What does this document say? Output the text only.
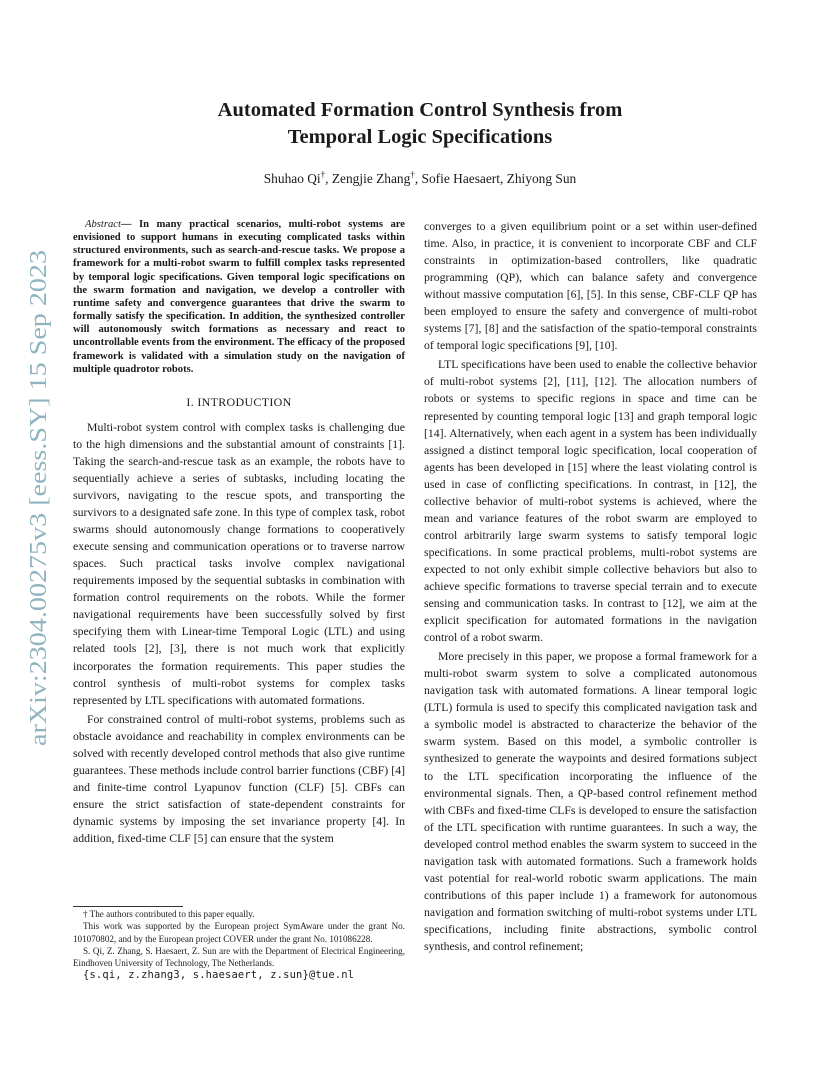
arXiv:2304.00275v3 [eess.SY] 15 Sep 2023
Automated Formation Control Synthesis from
Temporal Logic Specifications
Shuhao Qi†, Zengjie Zhang†, Sofie Haesaert, Zhiyong Sun

Abstract— In many practical scenarios, multi-robot systems are envisioned to support humans in executing complicated tasks within structured environments, such as search-and-rescue tasks. We propose a framework for a multi-robot swarm to fulfill complex tasks represented by temporal logic specifications. Given temporal logic specifications on the swarm formation and navigation, we develop a controller with runtime safety and convergence guarantees that drive the swarm to formally satisfy the specification. In addition, the synthesized controller will autonomously switch formations as necessary and react to uncontrollable events from the environment. The efficacy of the proposed framework is validated with a simulation study on the navigation of multiple quadrotor robots.

I. INTRODUCTION

Multi-robot system control with complex tasks is challenging due to the high dimensions and the substantial amount of constraints [1]. Taking the search-and-rescue task as an example, the robots have to sequentially achieve a series of subtasks, including locating the survivors, navigating to the rescue spots, and transporting the survivors to a designated safe zone. In this type of complex task, robot swarms should autonomously change formations to cooperatively execute sensing and communication operations or to traverse narrow spaces. Such practical tasks involve complex navigational requirements imposed by the sequential subtasks in combination with formation control requirements on the robots. While the former navigational requirements have been successfully solved by first specifying them with Linear-time Temporal Logic (LTL) and using related tools [2], [3], there is not much work that explicitly incorporates the formation requirements. This paper studies the control synthesis of multi-robot systems for complex tasks represented by LTL specifications with automated formations.

For constrained control of multi-robot systems, problems such as obstacle avoidance and reachability in complex environments can be solved with recently developed control methods that also give runtime guarantees. These methods include control barrier functions (CBF) [4] and finite-time control Lyapunov function (CLF) [5]. CBFs can ensure the strict satisfaction of state-dependent constraints for dynamic systems by imposing the set invariance property [4]. In addition, fixed-time CLF [5] can ensure that the system

† The authors contributed to this paper equally.

This work was supported by the European project SymAware under the grant No. 101070802, and by the European project COVER under the grant No. 101086228.

S. Qi, Z. Zhang, S. Haesaert, Z. Sun are with the Department of Electrical Engineering, Eindhoven University of Technology, The Netherlands.

{s.qi, z.zhang3, s.haesaert, z.sun}@tue.nl

converges to a given equilibrium point or a set within user-defined time. Also, in practice, it is convenient to incorporate CBF and CLF constraints in optimization-based controllers, like quadratic programming (QP), which can balance safety and convergence without massive computation [6], [5]. In this sense, CBF-CLF QP has been employed to ensure the safety and convergence of multi-robot systems [7], [8] and the satisfaction of the spatio-temporal constraints of temporal logic specifications [9], [10].

LTL specifications have been used to enable the collective behavior of multi-robot systems [2], [11], [12]. The allocation numbers of robots or systems to specific regions in space and time can be represented by counting temporal logic [13] and graph temporal logic [14]. Alternatively, when each agent in a system has been individually assigned a distinct temporal logic specification, local cooperation of agents has been developed in [15] where the least violating control is used in case of conflicting specifications. In contrast, in [12], the collective behavior of multi-robot systems is achieved, where the mean and variance features of the robot swarm are employed to control arbitrarily large swarm systems to satisfy temporal logic specifications. In some practical problems, multi-robot systems are expected to not only exhibit simple collective behaviors but also to achieve specific formations to traverse special terrain and to execute sensing and communication tasks. In contrast to [12], we aim at the explicit specification for automated formations in the navigation control of a robot swarm.

More precisely in this paper, we propose a formal framework for a multi-robot swarm system to solve a complicated autonomous navigation task with automated formations. A linear temporal logic (LTL) formula is used to specify this complicated navigation task and a symbolic model is abstracted to characterize the behavior of the swarm system. Based on this model, a symbolic controller is synthesized to generate the waypoints and desired formations subject to the LTL specification incorporating the influence of the environmental signals. Then, a QP-based control refinement method with CBFs and fixed-time CLFs is developed to ensure the satisfaction of the LTL specification with runtime guarantees. In such a way, the developed control method enables the swarm system to succeed in the navigation task with automated formations. Such a framework holds vast potential for real-world robotic swarm applications. The main contributions of this paper include 1) a framework for autonomous navigation and formation switching of multi-robot systems under LTL specifications, including finite abstractions, symbolic control synthesis, and control refinement;
